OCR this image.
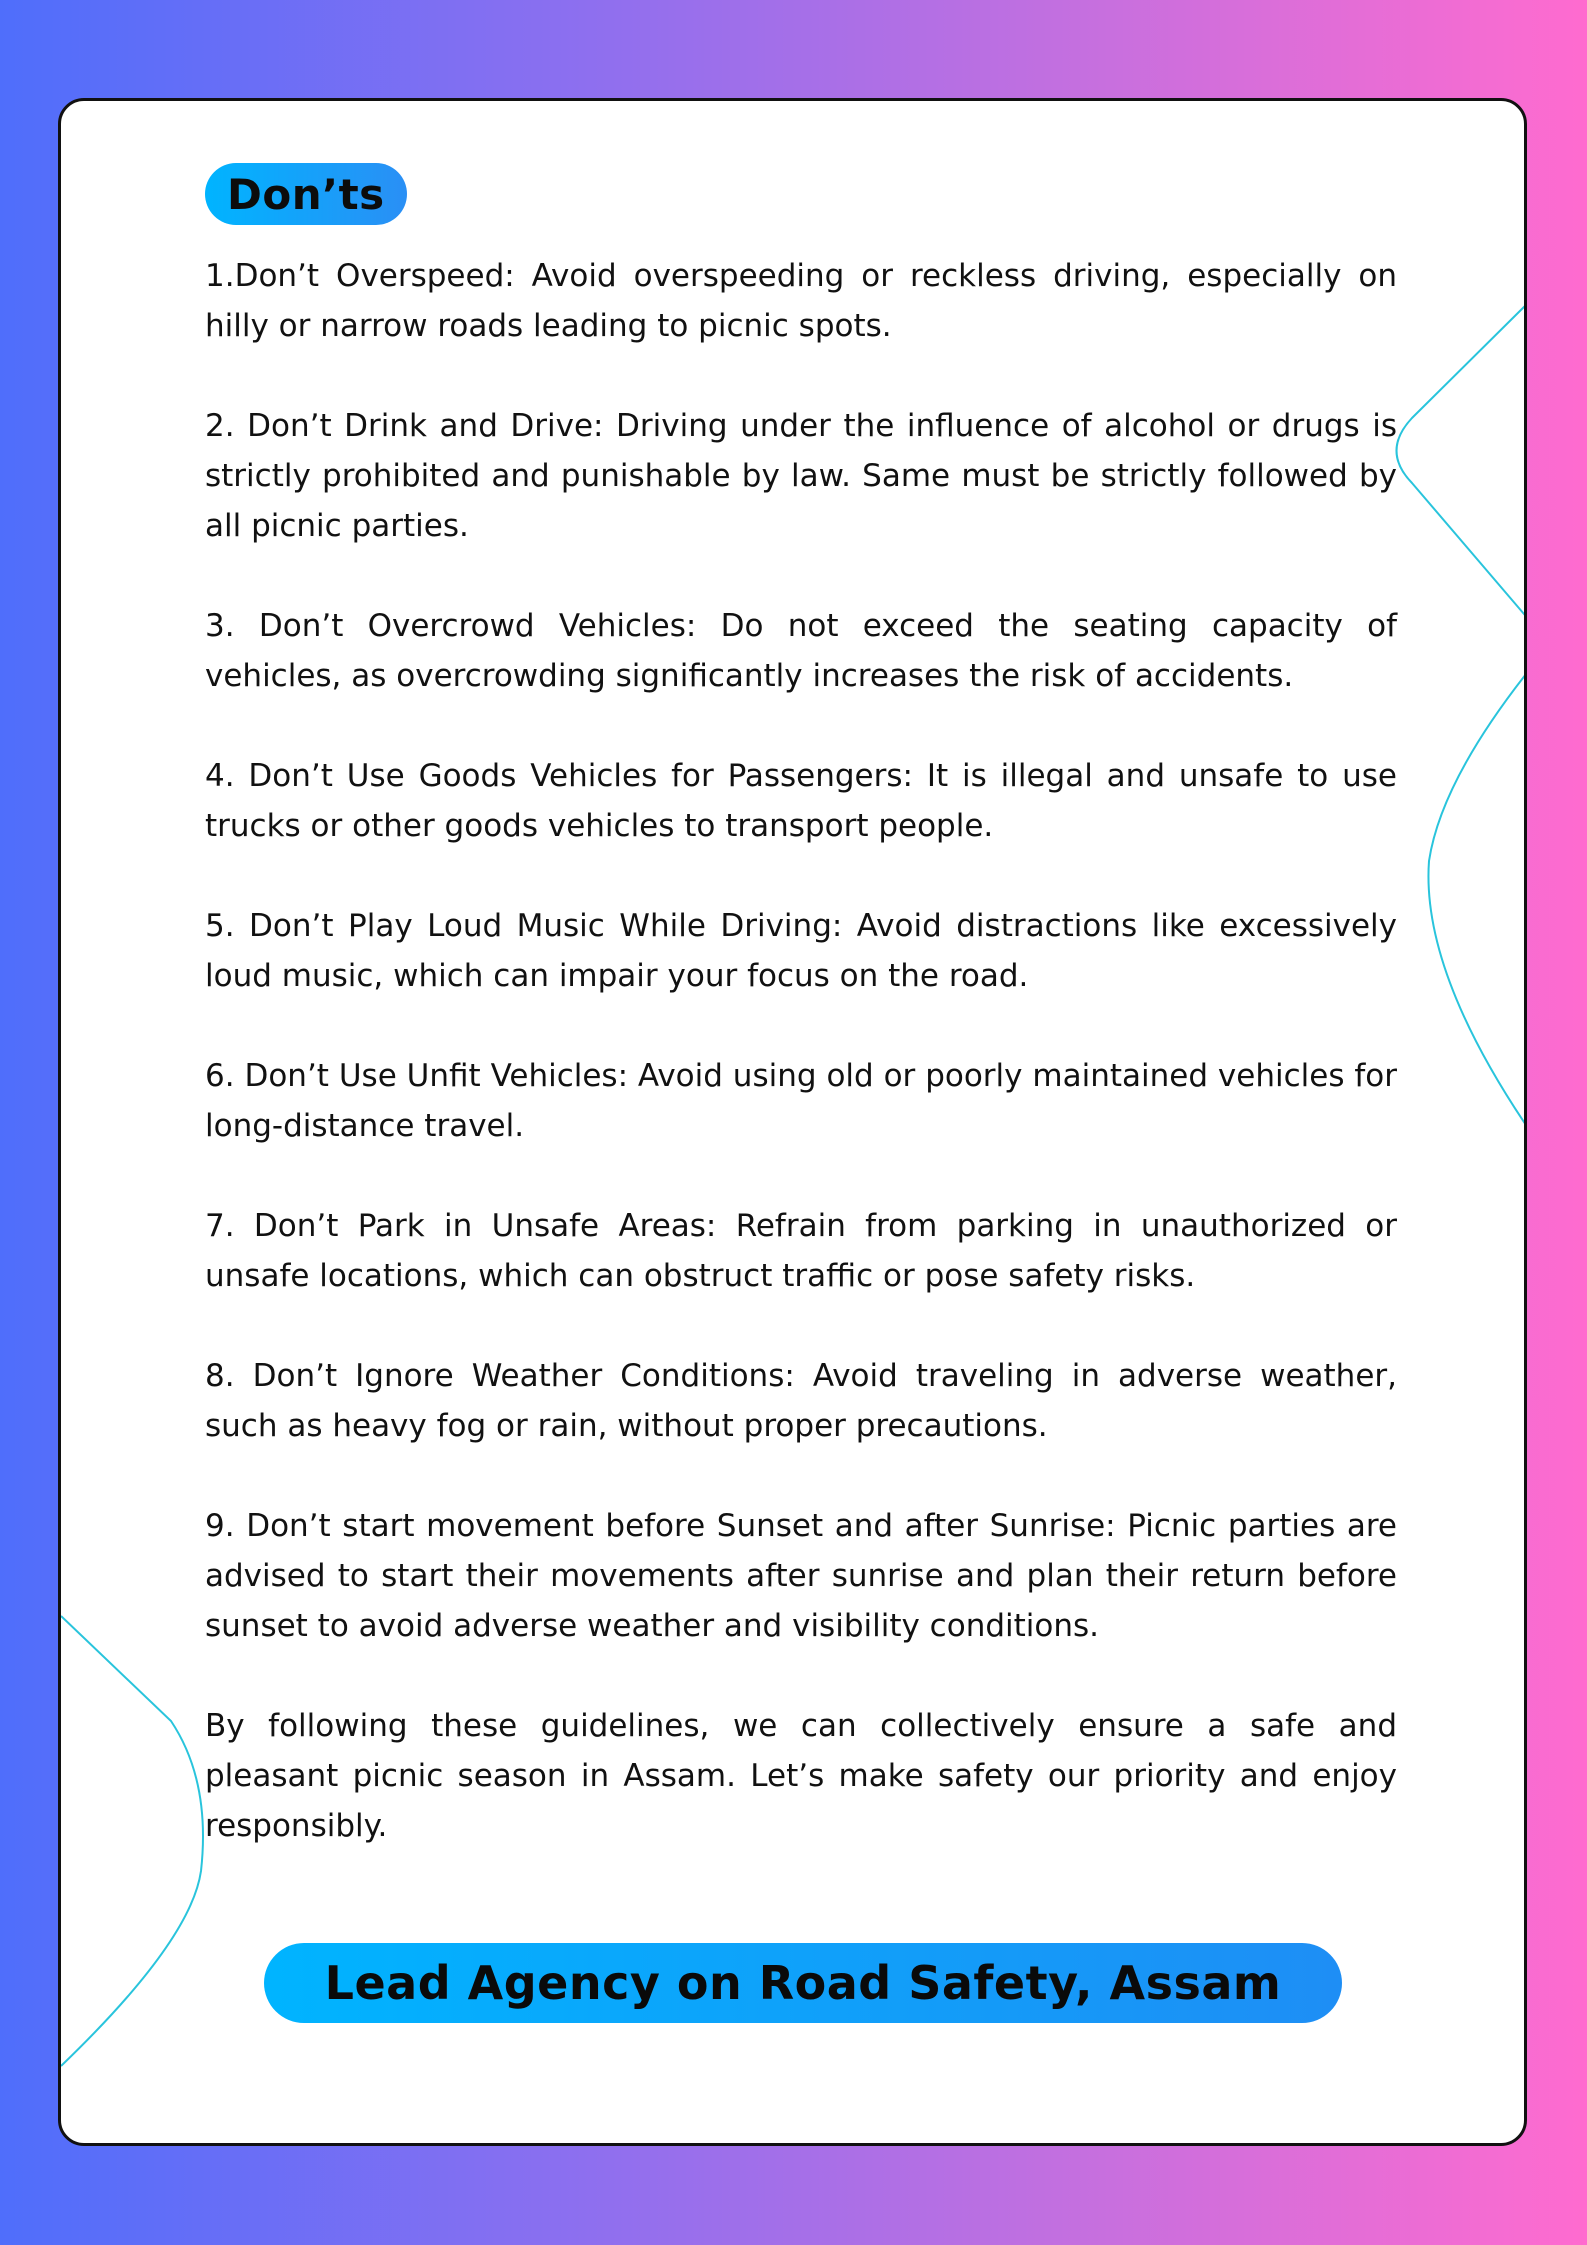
Don’ts

1.Don’t Overspeed: Avoid overspeeding or reckless driving, especially on hilly or narrow roads leading to picnic spots.

2. Don’t Drink and Drive: Driving under the influence of alcohol or drugs is strictly prohibited and punishable by law. Same must be strictly followed by all picnic parties.

3. Don’t Overcrowd Vehicles: Do not exceed the seating capacity of vehicles, as overcrowding significantly increases the risk of accidents.

4. Don’t Use Goods Vehicles for Passengers: It is illegal and unsafe to use trucks or other goods vehicles to transport people.

5. Don’t Play Loud Music While Driving: Avoid distractions like excessively loud music, which can impair your focus on the road.

6. Don’t Use Unfit Vehicles: Avoid using old or poorly maintained vehicles for long-distance travel.

7. Don’t Park in Unsafe Areas: Refrain from parking in unauthorized or unsafe locations, which can obstruct traffic or pose safety risks.

8. Don’t Ignore Weather Conditions: Avoid traveling in adverse weather, such as heavy fog or rain, without proper precautions.

9. Don’t start movement before Sunset and after Sunrise: Picnic parties are advised to start their movements after sunrise and plan their return before sunset to avoid adverse weather and visibility conditions.

By following these guidelines, we can collectively ensure a safe and pleasant picnic season in Assam. Let’s make safety our priority and enjoy responsibly.

Lead Agency on Road Safety, Assam
